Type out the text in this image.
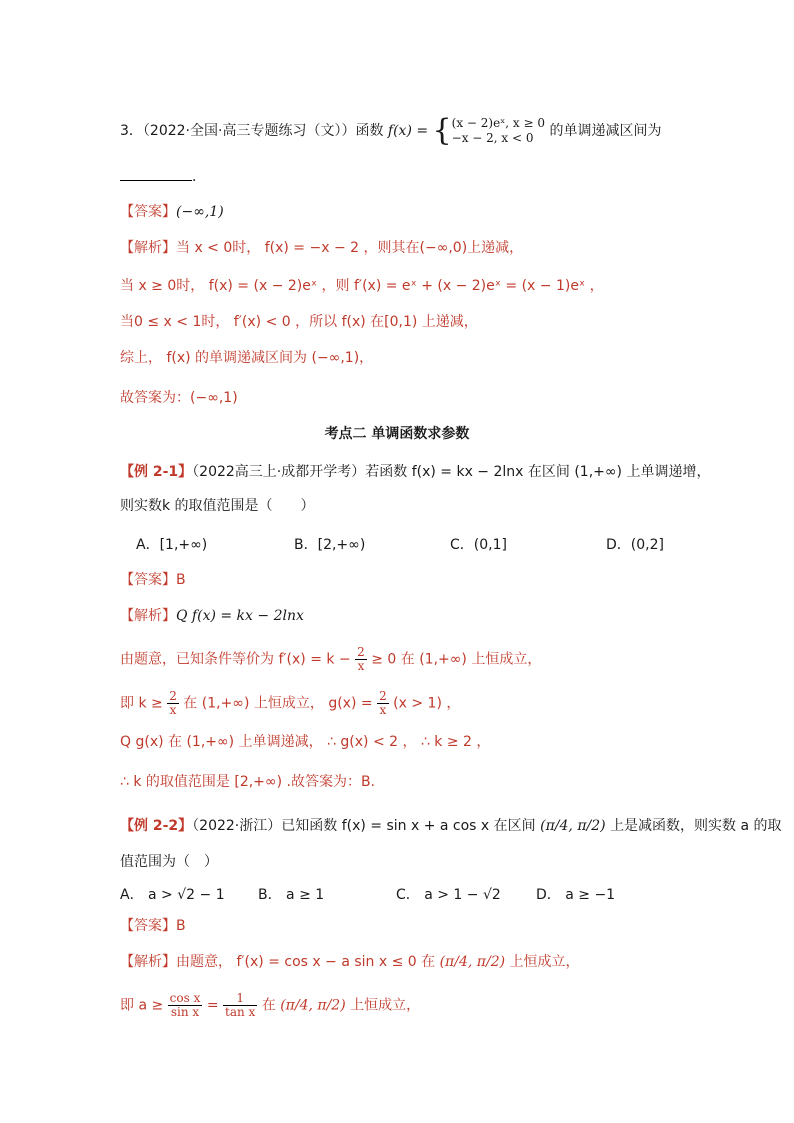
3．（2022·全国·高三专题练习（文））函数 f(x) = { (x − 2)eˣ, x ≥ 0
−x − 2, x < 0	的单调递减区间为
．
【答案】(−∞,1)
【解析】当 x < 0时， f(x) = −x − 2 ，则其在(−∞,0)上递减，
当 x ≥ 0时， f(x) = (x − 2)eˣ ，则 f′(x) = eˣ + (x − 2)eˣ = (x − 1)eˣ ，
当0 ≤ x < 1时， f′(x) < 0 ，所以 f(x) 在[0,1) 上递减，
综上， f(x) 的单调递减区间为 (−∞,1)，
故答案为：(−∞,1)
考点二 单调函数求参数
【例 2-1】（2022高三上·成都开学考）若函数 f(x) = kx − 2lnx 在区间 (1,+∞) 上单调递增，
则实数k 的取值范围是（　　）
A．[1,+∞)	B．[2,+∞)	C．(0,1]	D．(0,2]
【答案】B
【解析】Q f(x) = kx − 2lnx
由题意，已知条件等价为 $f'(x) = k - \frac{2}{x} \ge 0$ 在 (1,+∞) 上恒成立，
即 $k \ge \frac{2}{x}$ 在 (1,+∞) 上恒成立， $g(x) = \frac{2}{x} (x > 1)$ ，
Q g(x) 在 (1,+∞) 上单调递减， ∴ g(x) < 2 ， ∴ k ≥ 2 ，
∴ k 的取值范围是 [2,+∞) .故答案为：B.
【例 2-2】（2022·浙江）已知函数 f(x) = sin x + a cos x 在区间 (π/4, π/2) 上是减函数，则实数 a 的取
值范围为（　）
A． a > √2 − 1 B． a ≥ 1	C． a > 1 − √2	D． a ≥ −1
【答案】B
【解析】由题意， f′(x) = cos x − a sin x ≤ 0 在 (π/4, π/2) 上恒成立，
即 $a \ge \frac{\text{cos x}}{\text{sin x}} = \frac{1}{\text{tan x}}$ 在 (π/4, π/2) 上恒成立，
